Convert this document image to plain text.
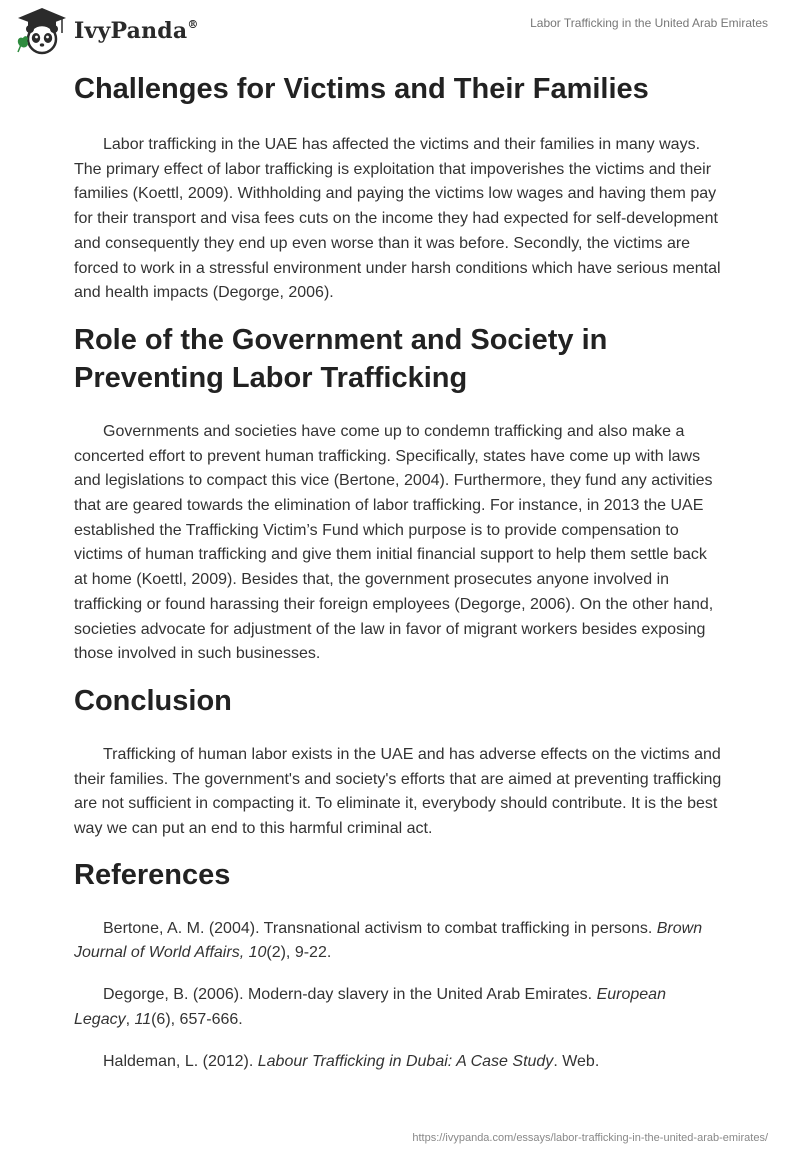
IvyPanda®	Labor Trafficking in the United Arab Emirates
Challenges for Victims and Their Families

Labor trafficking in the UAE has affected the victims and their families in many ways. The primary effect of labor trafficking is exploitation that impoverishes the victims and their families (Koettl, 2009). Withholding and paying the victims low wages and having them pay for their transport and visa fees cuts on the income they had expected for self-development and consequently they end up even worse than it was before. Secondly, the victims are forced to work in a stressful environment under harsh conditions which have serious mental and health impacts (Degorge, 2006).

Role of the Government and Society in Preventing Labor Trafficking

Governments and societies have come up to condemn trafficking and also make a concerted effort to prevent human trafficking. Specifically, states have come up with laws and legislations to compact this vice (Bertone, 2004). Furthermore, they fund any activities that are geared towards the elimination of labor trafficking. For instance, in 2013 the UAE established the Trafficking Victim’s Fund which purpose is to provide compensation to victims of human trafficking and give them initial financial support to help them settle back at home (Koettl, 2009). Besides that, the government prosecutes anyone involved in trafficking or found harassing their foreign employees (Degorge, 2006). On the other hand, societies advocate for adjustment of the law in favor of migrant workers besides exposing those involved in such businesses.

Conclusion

Trafficking of human labor exists in the UAE and has adverse effects on the victims and their families. The government's and society's efforts that are aimed at preventing trafficking are not sufficient in compacting it. To eliminate it, everybody should contribute. It is the best way we can put an end to this harmful criminal act.

References

Bertone, A. M. (2004). Transnational activism to combat trafficking in persons. Brown Journal of World Affairs, 10(2), 9-22.

Degorge, B. (2006). Modern-day slavery in the United Arab Emirates. European Legacy, 11(6), 657-666.

Haldeman, L. (2012). Labour Trafficking in Dubai: A Case Study. Web.

https://ivypanda.com/essays/labor-trafficking-in-the-united-arab-emirates/
